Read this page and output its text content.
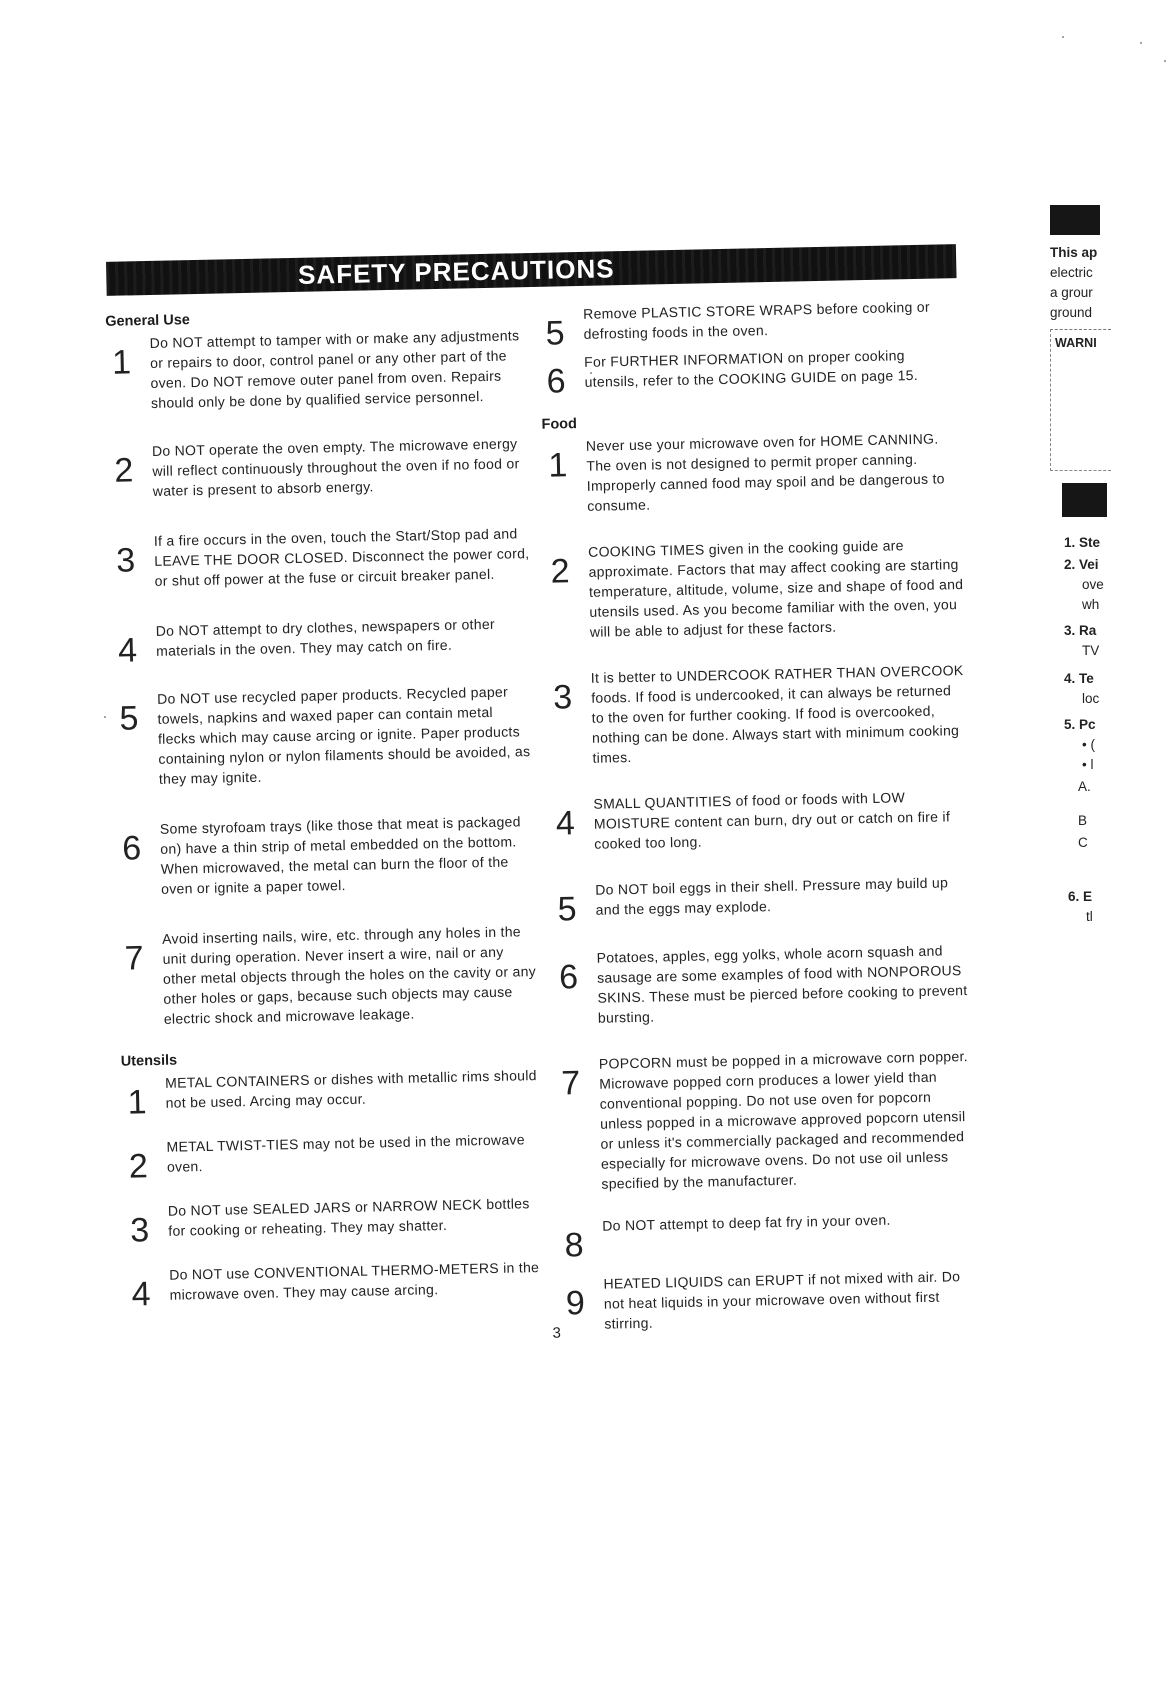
SAFETY PRECAUTIONS
General Use
1
Do NOT attempt to tamper with or make any adjustments or repairs to door, control panel or any other part of the oven. Do NOT remove outer panel from oven. Repairs should only be done by qualified service personnel.
2
Do NOT operate the oven empty. The microwave energy will reflect continuously throughout the oven if no food or water is present to absorb energy.
3
If a fire occurs in the oven, touch the Start/Stop pad and LEAVE THE DOOR CLOSED. Disconnect the power cord, or shut off power at the fuse or circuit breaker panel.
4
Do NOT attempt to dry clothes, newspapers or other materials in the oven. They may catch on fire.
5
Do NOT use recycled paper products. Recycled paper towels, napkins and waxed paper can contain metal flecks which may cause arcing or ignite. Paper products containing nylon or nylon filaments should be avoided, as they may ignite.
6
Some styrofoam trays (like those that meat is packaged on) have a thin strip of metal embedded on the bottom. When microwaved, the metal can burn the floor of the oven or ignite a paper towel.
7
Avoid inserting nails, wire, etc. through any holes in the unit during operation. Never insert a wire, nail or any other metal objects through the holes on the cavity or any other holes or gaps, because such objects may cause electric shock and microwave leakage.
Utensils
1
METAL CONTAINERS or dishes with metallic rims should not be used. Arcing may occur.
2
METAL TWIST-TIES may not be used in the microwave oven.
3
Do NOT use SEALED JARS or NARROW NECK bottles for cooking or reheating. They may shatter.
4
Do NOT use CONVENTIONAL THERMO-METERS in the microwave oven. They may cause arcing.
5
Remove PLASTIC STORE WRAPS before cooking or defrosting foods in the oven.
6
For FURTHER INFORMATION on proper cooking utensils, refer to the COOKING GUIDE on page 15.
Food
1
Never use your microwave oven for HOME CANNING. The oven is not designed to permit proper canning. Improperly canned food may spoil and be dangerous to consume.
2
COOKING TIMES given in the cooking guide are approximate. Factors that may affect cooking are starting temperature, altitude, volume, size and shape of food and utensils used. As you become familiar with the oven, you will be able to adjust for these factors.
3
It is better to UNDERCOOK RATHER THAN OVERCOOK foods. If food is undercooked, it can always be returned to the oven for further cooking. If food is overcooked, nothing can be done. Always start with minimum cooking times.
4
SMALL QUANTITIES of food or foods with LOW MOISTURE content can burn, dry out or catch on fire if cooked too long.
5
Do NOT boil eggs in their shell. Pressure may build up and the eggs may explode.
6
Potatoes, apples, egg yolks, whole acorn squash and sausage are some examples of food with NONPOROUS SKINS. These must be pierced before cooking to prevent bursting.
7
POPCORN must be popped in a microwave corn popper. Microwave popped corn produces a lower yield than conventional popping. Do not use oven for popcorn unless popped in a microwave approved popcorn utensil or unless it's commercially packaged and recommended especially for microwave ovens. Do not use oil unless specified by the manufacturer.
8
Do NOT attempt to deep fat fry in your oven.
9
HEATED LIQUIDS can ERUPT if not mixed with air. Do not heat liquids in your microwave oven without first stirring.
3
This ap
electric
a grour
ground
WARNI
1. Ste
2. Vei
ove
wh
3. Ra
TV
4. Te
loc
5. Pc
• (
• l
A.
B
C
6. E
tl
